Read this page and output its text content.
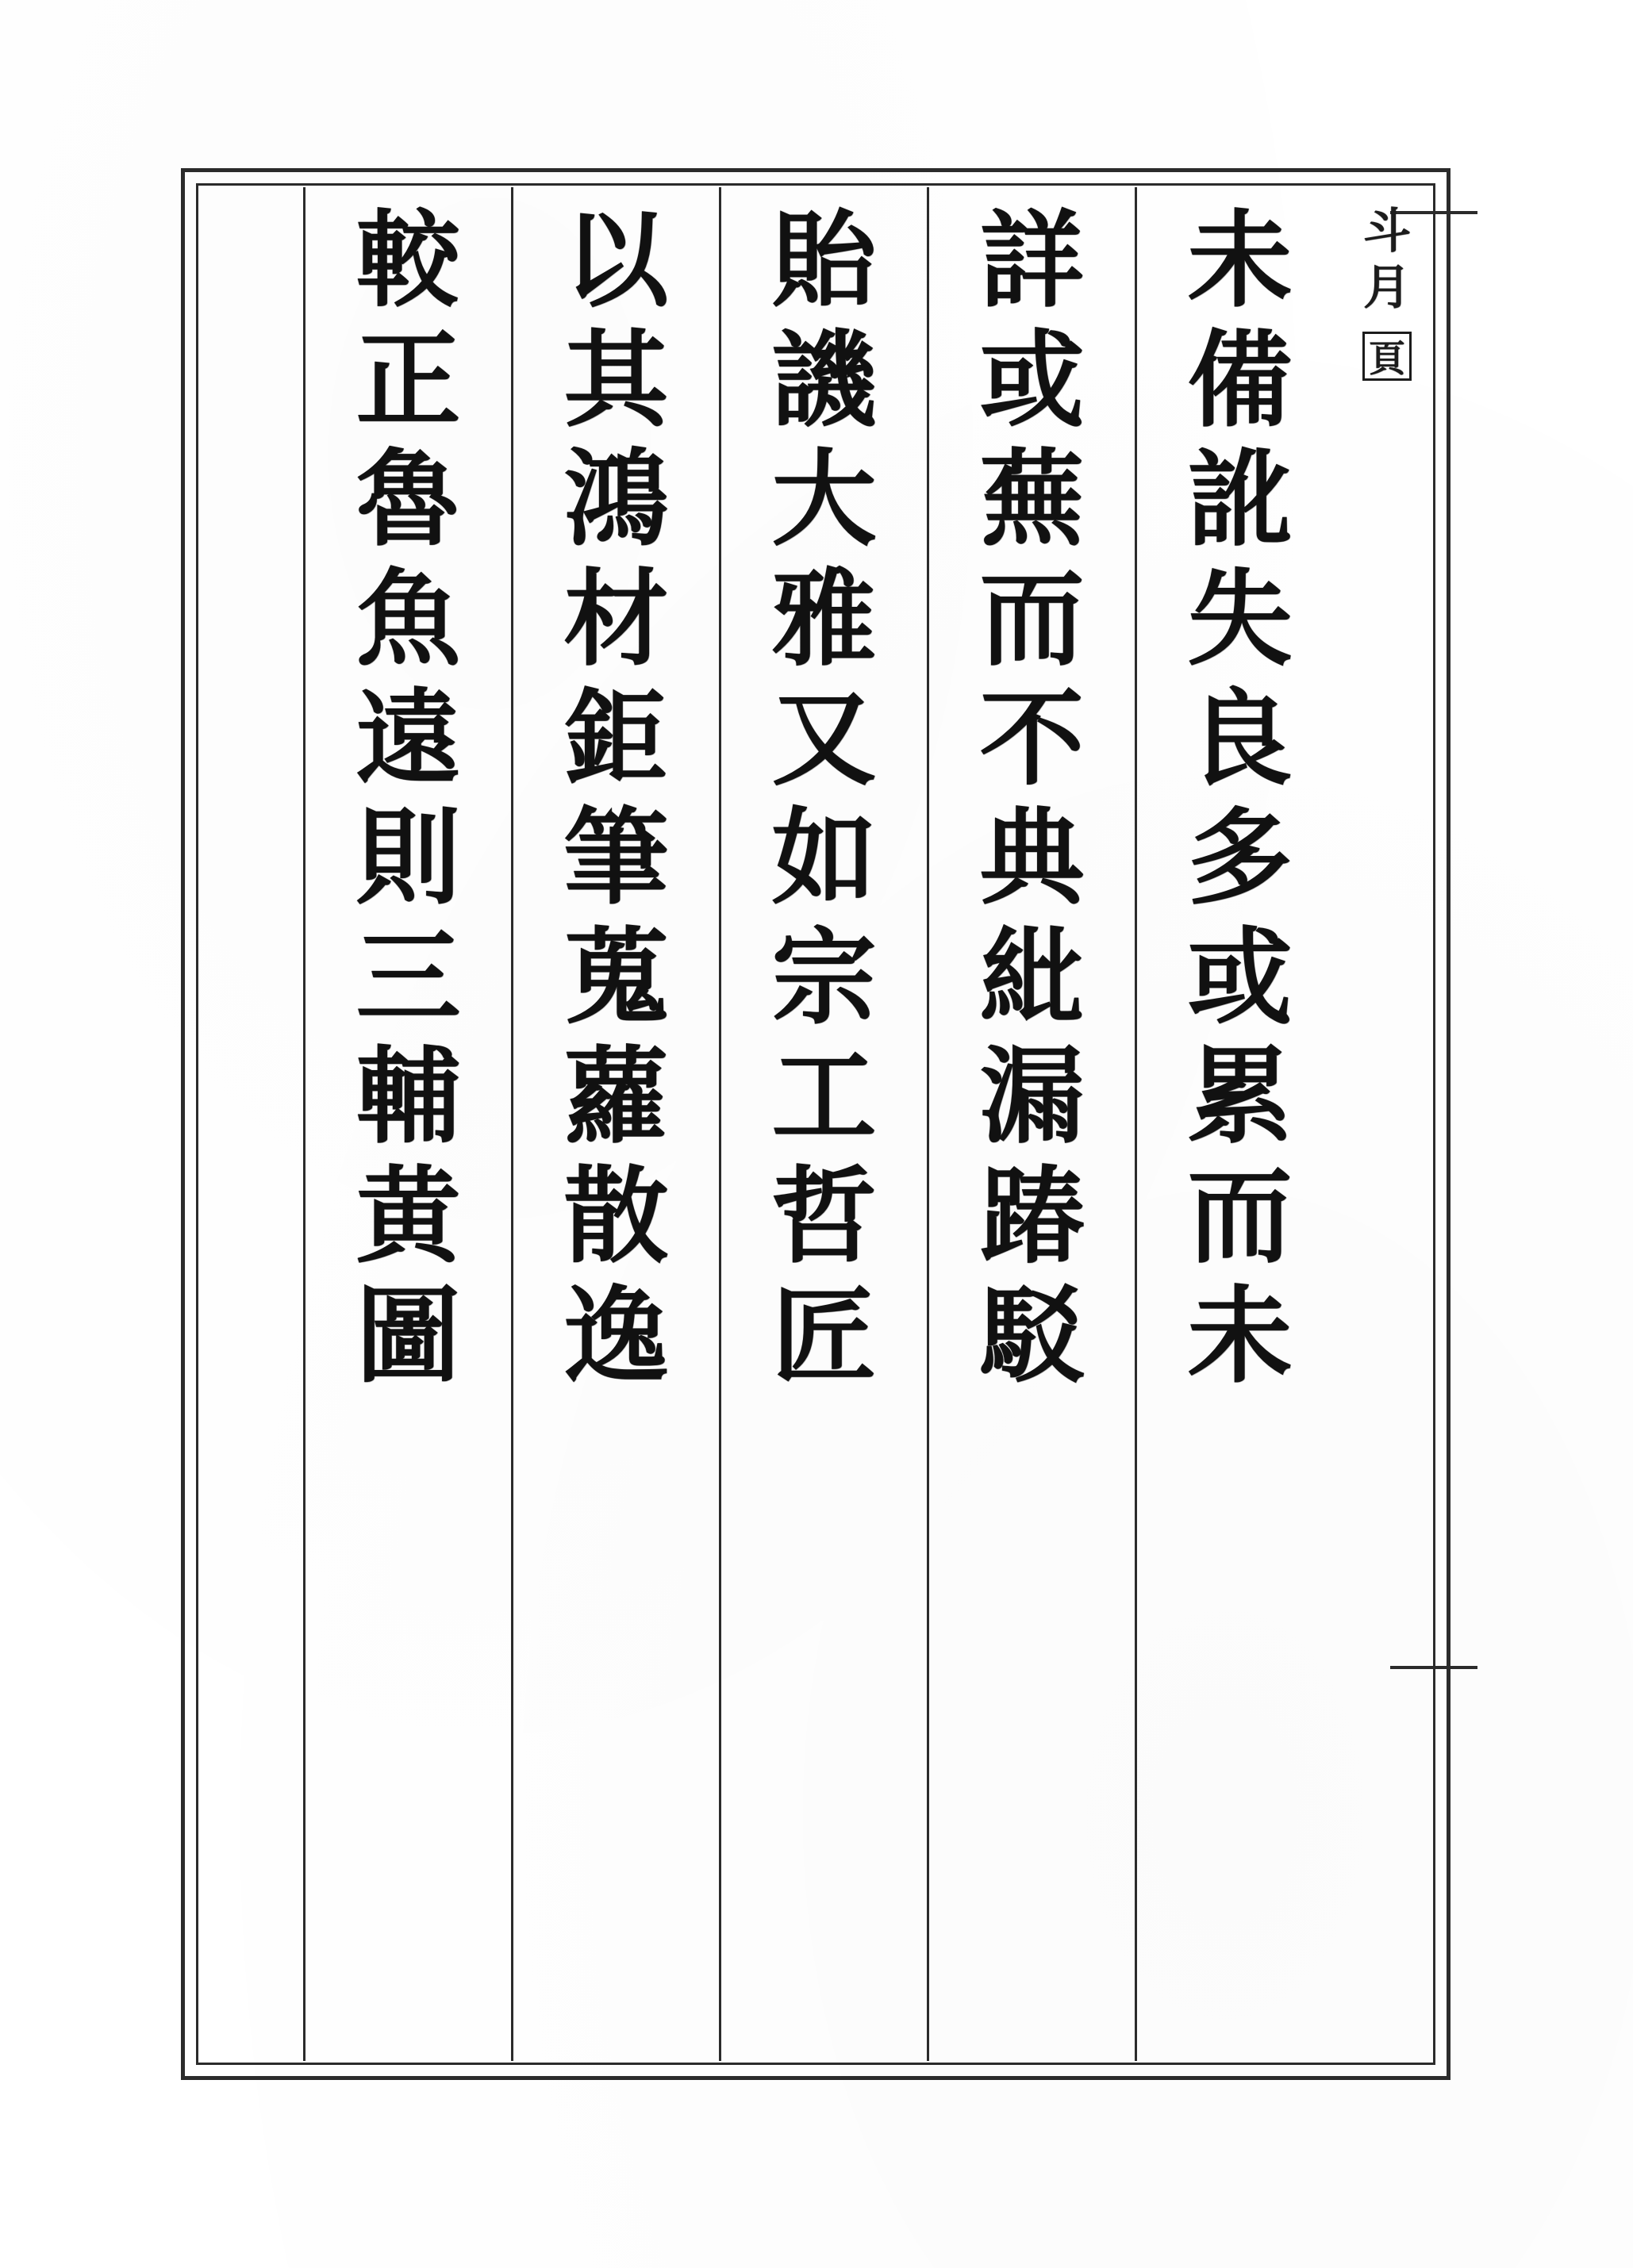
斗
月
頁
未
備
訛
失
良
多
或
累
而
未
詳
或
蕪
而
不
典
紕
漏
踳
駁
貽
譏
大
雅
又
如
宗
工
哲
匠
以
其
鴻
材
鉅
筆
蒐
蘿
散
逸
較
正
魯
魚
遠
則
三
輔
黄
圖
